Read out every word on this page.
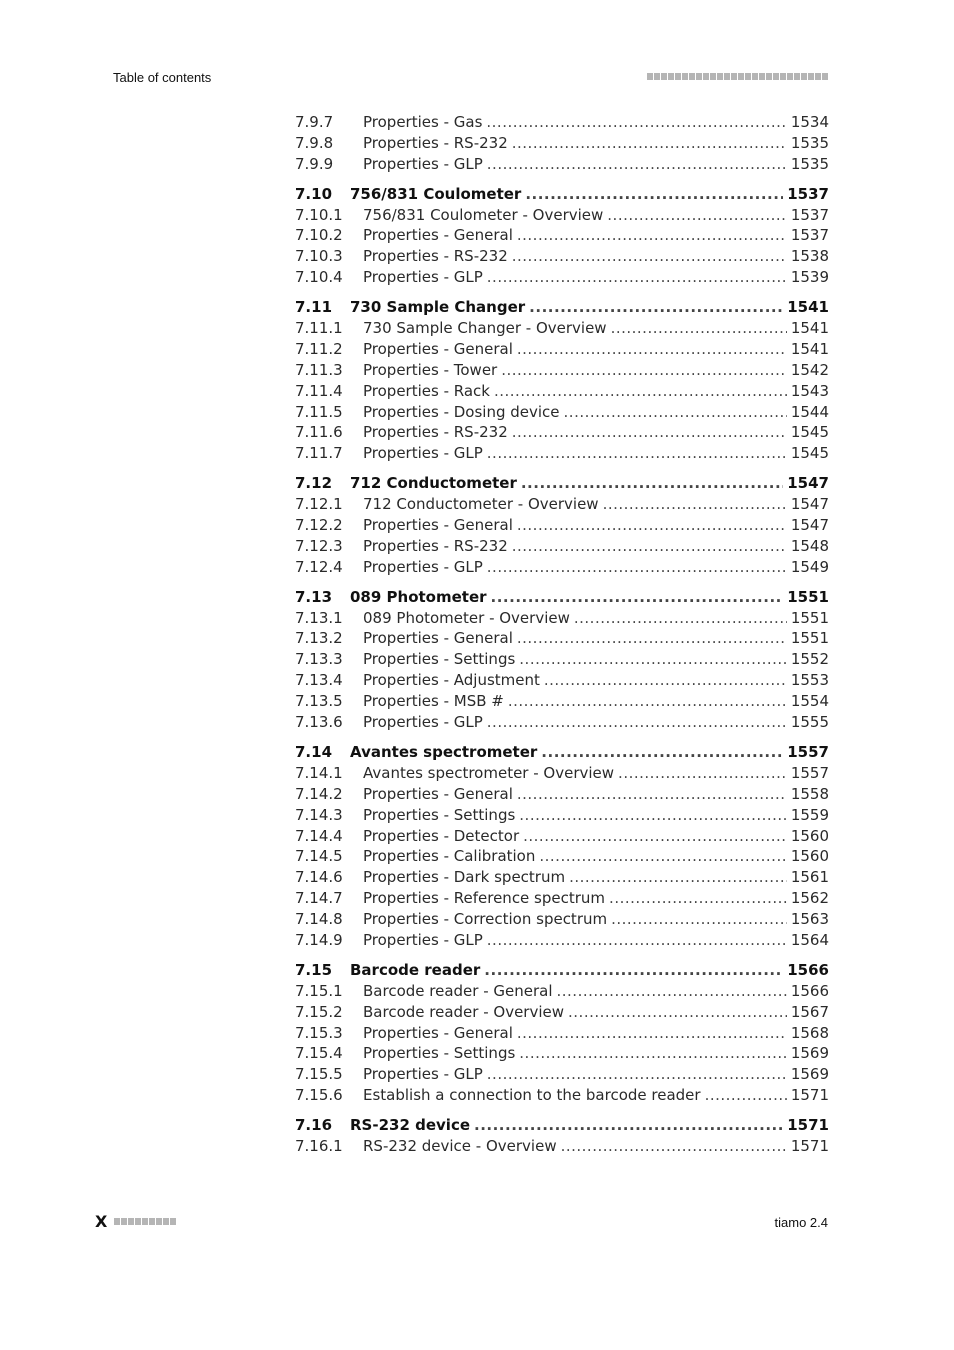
Table of contents
7.9.7	Properties - Gas .....	1534
7.9.8	Properties - RS-232 .....	1535
7.9.9	Properties - GLP .....	1535
7.10	756/831 Coulometer .....	1537
7.10.1	756/831 Coulometer - Overview .....	1537
7.10.2	Properties - General .....	1537
7.10.3	Properties - RS-232 .....	1538
7.10.4	Properties - GLP .....	1539
7.11	730 Sample Changer .....	1541
7.11.1	730 Sample Changer - Overview .....	1541
7.11.2	Properties - General .....	1541
7.11.3	Properties - Tower .....	1542
7.11.4	Properties - Rack .....	1543
7.11.5	Properties - Dosing device .....	1544
7.11.6	Properties - RS-232 .....	1545
7.11.7	Properties - GLP .....	1545
7.12	712 Conductometer .....	1547
7.12.1	712 Conductometer - Overview .....	1547
7.12.2	Properties - General .....	1547
7.12.3	Properties - RS-232 .....	1548
7.12.4	Properties - GLP .....	1549
7.13	089 Photometer .....	1551
7.13.1	089 Photometer - Overview .....	1551
7.13.2	Properties - General .....	1551
7.13.3	Properties - Settings .....	1552
7.13.4	Properties - Adjustment .....	1553
7.13.5	Properties - MSB # .....	1554
7.13.6	Properties - GLP .....	1555
7.14	Avantes spectrometer .....	1557
7.14.1	Avantes spectrometer - Overview .....	1557
7.14.2	Properties - General .....	1558
7.14.3	Properties - Settings .....	1559
7.14.4	Properties - Detector .....	1560
7.14.5	Properties - Calibration .....	1560
7.14.6	Properties - Dark spectrum .....	1561
7.14.7	Properties - Reference spectrum .....	1562
7.14.8	Properties - Correction spectrum .....	1563
7.14.9	Properties - GLP .....	1564
7.15	Barcode reader .....	1566
7.15.1	Barcode reader - General .....	1566
7.15.2	Barcode reader - Overview .....	1567
7.15.3	Properties - General .....	1568
7.15.4	Properties - Settings .....	1569
7.15.5	Properties - GLP .....	1569
7.15.6	Establish a connection to the barcode reader .....	1571
7.16	RS-232 device .....	1571
7.16.1	RS-232 device - Overview .....	1571
X	tiamo 2.4
